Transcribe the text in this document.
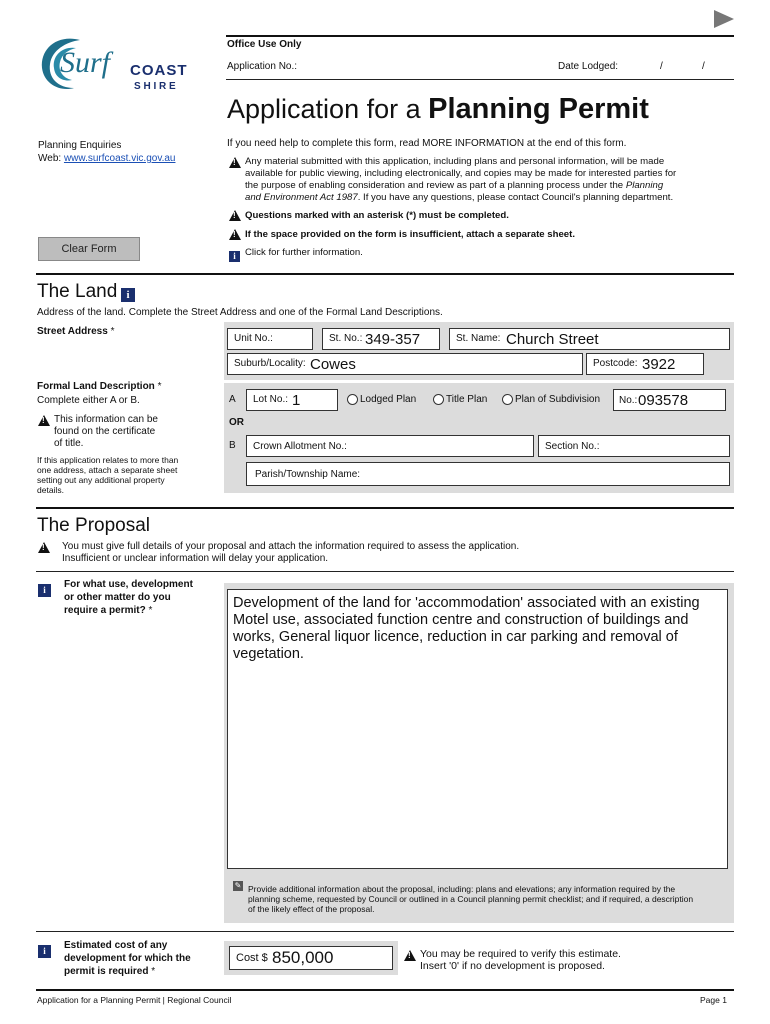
Surf COAST
S H I R E
Office Use Only
Application No.:	Date Lodged:	/	/
Application for a Planning Permit
Planning Enquiries
Web: www.surfcoast.vic.gov.au
Clear Form
If you need help to complete this form, read MORE INFORMATION at the end of this form.
!
Any material submitted with this application, including plans and personal information, will be made
available for public viewing, including electronically, and copies may be made for interested parties for
the purpose of enabling consideration and review as part of a planning process under the Planning
and Environment Act 1987. If you have any questions, please contact Council's planning department.
!
Questions marked with an asterisk (*) must be completed.
!
If the space provided on the form is insufficient, attach a separate sheet.
i Click for further information.
The Land i
Address of the land. Complete the Street Address and one of the Formal Land Descriptions.
Street Address *
Unit No.:	St. No.: 349-357	St. Name: Church Street
Suburb/Locality: Cowes	Postcode: 3922
Formal Land Description *
Complete either A or B.
!
This information can be
found on the certificate
of title.
If this application relates to more than
one address, attach a separate sheet
setting out any additional property
details.
A Lot No.: 1	Lodged Plan	Title Plan	Plan of Subdivision No.: 093578
OR
B Crown Allotment No.:	Section No.:
Parish/Township Name:
The Proposal
!
You must give full details of your proposal and attach the information required to assess the application.
Insufficient or unclear information will delay your application.
i	For what use, development
or other matter do you
require a permit? *	Development of the land for 'accommodation' associated with an existing Motel use, associated function centre and construction of buildings and works, General liquor licence, reduction in car parking and removal of vegetation.
✎ Provide additional information about the proposal, including: plans and elevations; any information required by the
planning scheme, requested by Council or outlined in a Council planning permit checklist; and if required, a description
of the likely effect of the proposal.
i	Estimated cost of any
development for which the
permit is required *
Cost $ 850,000
!	You may be required to verify this estimate.
Insert '0' if no development is proposed.
Application for a Planning Permit | Regional Council	Page 1
